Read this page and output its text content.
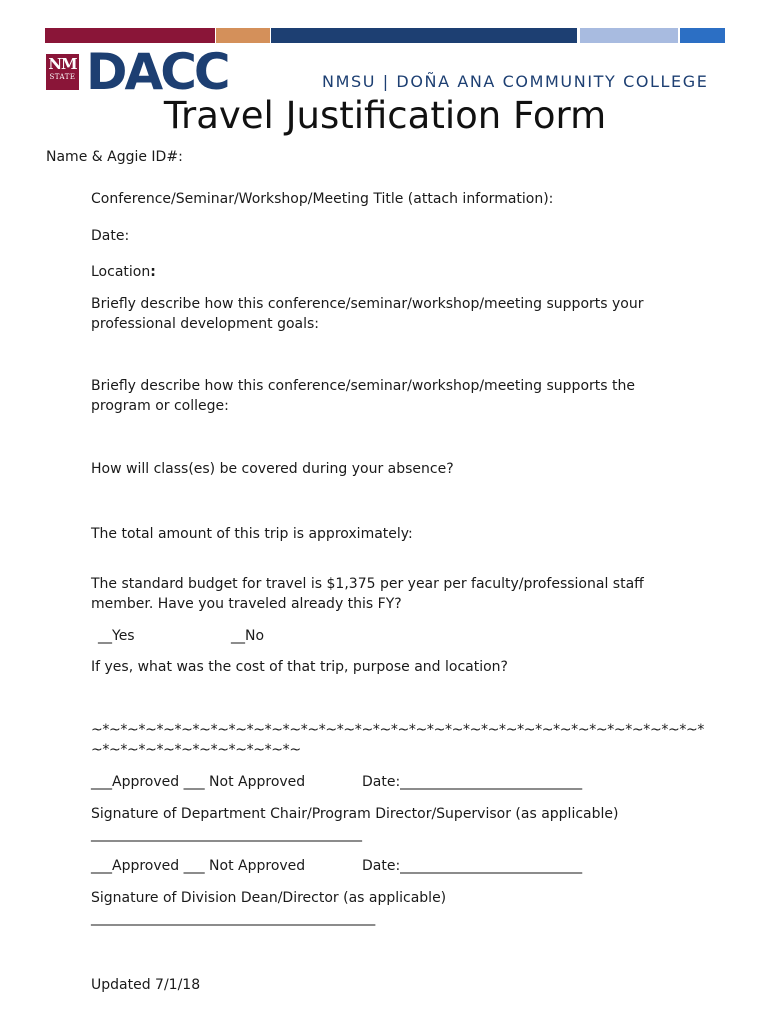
NM
STATE DACC	NMSU | DOÑA ANA COMMUNITY COLLEGE
Travel Justification Form
Name & Aggie ID#:
Conference/Seminar/Workshop/Meeting Title (attach information):
Date:
Location:
Briefly describe how this conference/seminar/workshop/meeting supports your
professional development goals:
Briefly describe how this conference/seminar/workshop/meeting supports the
program or college:
How will class(es) be covered during your absence?
The total amount of this trip is approximately:
The standard budget for travel is $1,375 per year per faculty/professional staff
member. Have you traveled already this FY?
__Yes	__No
If yes, what was the cost of that trip, purpose and location?
~*~*~*~*~*~*~*~*~*~*~*~*~*~*~*~*~*~*~*~*~*~*~*~*~*~*~*~*~*~*~*~*~*~*
~*~*~*~*~*~*~*~*~*~*~*~
___Approved ___ Not Approved	Date:__________________________
Signature of Department Chair/Program Director/Supervisor (as applicable)
_________________________________________
___Approved ___ Not Approved	Date:__________________________
Signature of Division Dean/Director (as applicable)
___________________________________________
Updated 7/1/18
